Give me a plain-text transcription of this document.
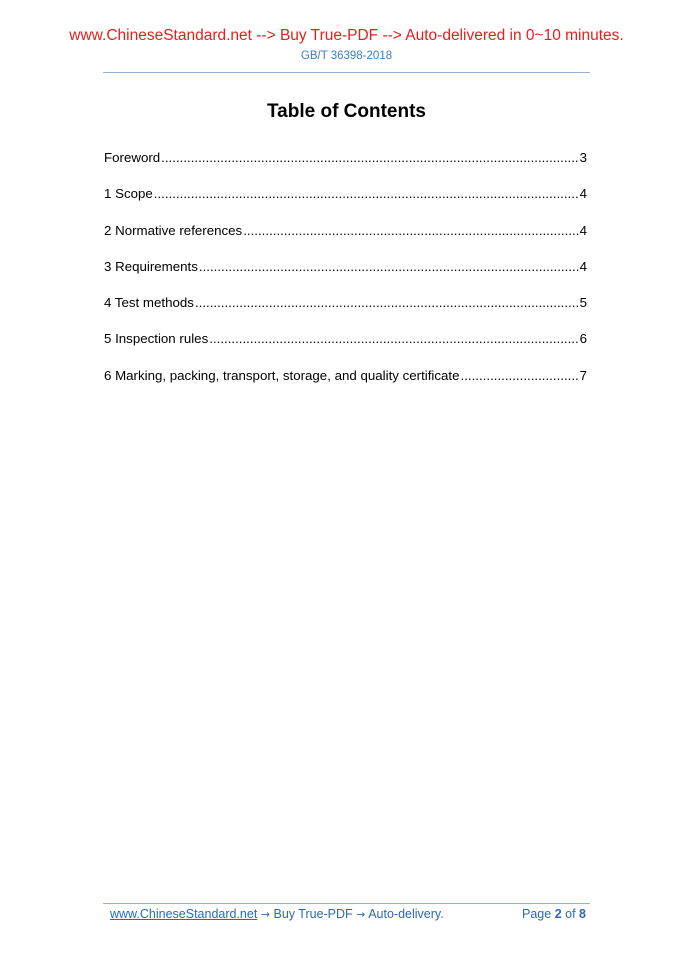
www.ChineseStandard.net --> Buy True-PDF --> Auto-delivered in 0~10 minutes.
GB/T 36398-2018
Table of Contents
Foreword .....	3
1 Scope .....	4
2 Normative references .....	4
3 Requirements .....	4
4 Test methods .....	5
5 Inspection rules .....	6
6 Marking, packing, transport, storage, and quality certificate .....	7
www.ChineseStandard.net → Buy True-PDF → Auto-delivery.	Page 2 of 8
